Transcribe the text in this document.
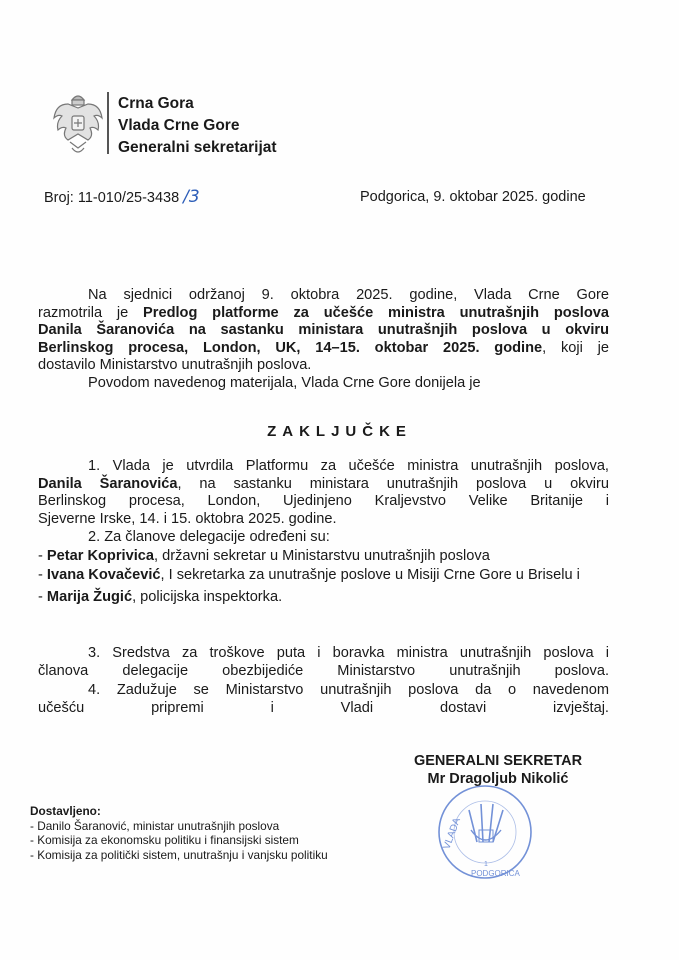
Crna Gora
Vlada Crne Gore
Generalni sekretarijat
Broj: 11-010/25-3438 /3	Podgorica, 9. oktobar 2025. godine
Na sjednici održanoj 9. oktobra 2025. godine, Vlada Crne Gore
razmotrila je Predlog platforme za učešće ministra unutrašnjih poslova
Danila Šaranovića na sastanku ministara unutrašnjih poslova u okviru
Berlinskog procesa, London, UK, 14–15. oktobar 2025. godine, koji je
dostavilo Ministarstvo unutrašnjih poslova.
Povodom navedenog materijala, Vlada Crne Gore donijela je
ZAKLJUČKE
1. Vlada je utvrdila Platformu za učešće ministra unutrašnjih poslova,
Danila Šaranovića, na sastanku ministara unutrašnjih poslova u okviru
Berlinskog procesa, London, Ujedinjeno Kraljevstvo Velike Britanije i
Sjeverne Irske, 14. i 15. oktobra 2025. godine.
2. Za članove delegacije određeni su:
- Petar Koprivica, državni sekretar u Ministarstvu unutrašnjih poslova
- Ivana Kovačević, I sekretarka za unutrašnje poslove u Misiji Crne Gore u Briselu i
- Marija Žugić, policijska inspektorka.
3. Sredstva za troškove puta i boravka ministra unutrašnjih poslova i
članova delegacije obezbijediće Ministarstvo unutrašnjih poslova.
4. Zadužuje se Ministarstvo unutrašnjih poslova da o navedenom
učešću pripremi i Vladi dostavi izvještaj.
GENERALNI SEKRETAR
Mr Dragoljub Nikolić
VLADA
PODGORICA
1
Dostavljeno:
- Danilo Šaranović, ministar unutrašnjih poslova
- Komisija za ekonomsku politiku i finansijski sistem
- Komisija za politički sistem, unutrašnju i vanjsku politiku
